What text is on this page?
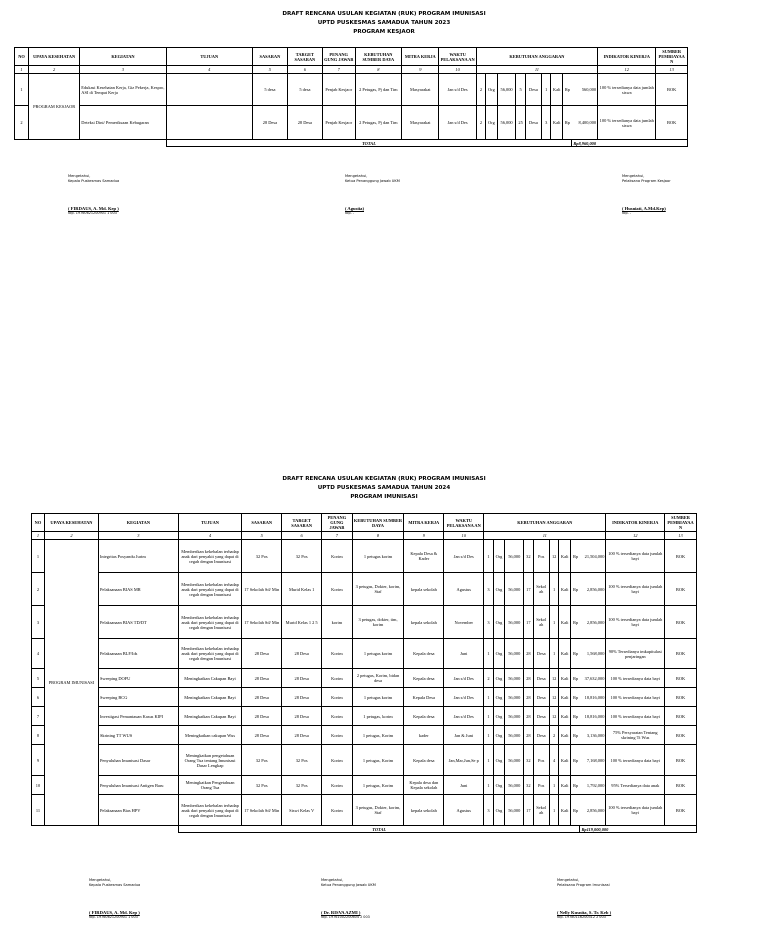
DRAFT RENCANA USULAN KEGIATAN (RUK) PROGRAM IMUNISASI
UPTD PUSKESMAS SAMADUA TAHUN 2023
PROGRAM KESJAOR
NO	UPAYA KESEHATAN	KEGIATAN	TUJUAN	SASARAN	TARGET SASARAN	PENANG GUNG JAWAB	KEBUTUHAN SUMBER DAYA	MITRA KERJA	WAKTU PELAKSANA AN	KEBUTUHAN ANGGARAN									INDIKATOR KINERJA	SUMBER PEMBIAYAA N
1	2	3	4	5	6	7	8	9	10	11									12	13
1	PROGRAM KESJAOR	Edukasi Kesehatan Kerja, Giz Pekerja, Kespro, ASI di Tempat Kerja		5 desa	5 desa	Penjab Kesjaor	2 Petugas, Pj dan Tim	Masyarakat	Jan s/d Des	2	Org	56,000	5	Desa	1	Kali	Rp	560,000	100 % tersedianya data jumlah siswa	BOK
2		Deteksi Dini/ Pemeriksaan Kebugaran		28 Desa	28 Desa	Penjab Kesjaor	2 Petugas, Pj dan Tim	Masyarakat	Jan s/d Des	2	Org	56,000	25	Desa	3	Kali	Rp	8,400,000	100 % tersedianya data jumlah siswa	BOK
			TOTAL															Rp8,960,000		
Mengetahui,
Kepala Puskesmas Samadua
( FIRDAUS, A. Md. Kep )
Nip. 19760621200901 1 003
Mengetahui,
Ketua Penanggung Jawab UKM
( Agustia)
Nip. -
Mengetahui,
Pelaksana Program Kesjaor
( Husniati, A.Md.Kep)
Nip. -
DRAFT RENCANA USULAN KEGIATAN (RUK) PROGRAM IMUNISASI
UPTD PUSKESMAS SAMADUA TAHUN 2024
PROGRAM IMUNISASI
NO	UPAYA KESEHATAN	KEGIATAN	TUJUAN	SASARAN	TARGET SASARAN	PENANG GUNG JAWAB	KEBUTUHAN SUMBER DAYA	MITRA KERJA	WAKTU PELAKSANA AN	KEBUTUHAN ANGGARAN									INDIKATOR KINERJA	SUMBER PEMBIAYAA N
1	2	3	4	5	6	7	8	9	10	11									12	13
1	PROGRAM IMUNISASI	Integritas Posyandu Jurim	Memberikan kekebalan terhadap anak dari penyakit yang dapat di cegah dengan Imunisasi	32 Pos	32 Pos	Korim	1 petugas korim	Kepala Desa & Kader	Jan s/d Des	1	Org	56,000	32	Pos	12	Kali	Rp	21,504,000	100 % tersedianya data jumlah bayi	BOK
2		Pelaksanaan BIAS MR	Memberikan kekebalan terhadap anak dari penyakit yang dapat di cegah dengan Imunisasi	17 Sekolah Sd/ Min	Murid Kelas 1	Korim	3 petugas, Dokter, korim, Staf	kepala sekolah	Agustus	3	Org	56,000	17	Sekol ah	1	Kali	Rp	2,856,000	100 % tersedianya data jumlah bayi	BOK
3		Pelaksanaan BIAS TD/DT	Memberikan kekebalan terhadap anak dari penyakit yang dapat di cegah dengan Imunisasi	17 Sekolah Sd/ Min	Murid Kelas 1 2 5	korim	3 petugas, dokter, tim, korim	kepala sekolah	November	3	Org	56,000	17	Sekol ah	1	Kali	Rp	2,856,000	100 % tersedianya data jumlah bayi	BOK
4		Pelaksanaan BLF/Ids	Memberikan kekebalan terhadap anak dari penyakit yang dapat di cegah dengan Imunisasi	28 Desa	28 Desa	Korim	1 petugas korim	Kepala desa	Juni	1	Org	56,000	28	Desa	1	Kali	Rp	1,568,000	90% Tersedianya imkapitulasi penjaringan	BOK
5		Sweeping DOFU	Meningkatkan Cakupan Bayi	28 Desa	28 Desa	Korim	2 petugas, Korim, bidan desa	Kepala desa	Jan s/d Des	2	Org	56,000	28	Desa	12	Kali	Rp	37,632,000	100 % tersedianya data bayi	BOK
6		Sweeping BCG	Meningkatkan Cakupan Bayi	28 Desa	28 Desa	Korim	1 petugas korim	Kepala Desa	Jan s/d Des	1	Org	56,000	28	Desa	12	Kali	Rp	18,816,000	100 % tersedianya data bayi	BOK
7		Investigasi Pemantauan Kasus KIPI	Meningkatkan Cakupan Bayi	28 Desa	28 Desa	Korim	1 petugas, korim	Kepala desa	Jan s/d Des	1	Org	56,000	28	Desa	12	Kali	Rp	18,816,000	100 % tersedianya data bayi	BOK
8		Skrining TT WUS	Meningkatkan cakupan Wus	28 Desa	28 Desa	Korim	1 petugas, Korim	kader	Jan & Juni	1	Org	56,000	28	Desa	2	Kali	Rp	3,136,000	75% Persyaratan Tentang skrining Tt Wus	BOK
9		Penyuluhan Imunisasi Dasar	Meningkatkan pengetahuan Orang Tua tentang Imunisasi Dasar Lengkap	32 Pos	32 Pos	Korim	1 petugas, Korim	Kepala desa	Jan,Mar,Jun,Se p	1	Org	56,000	32	Pos	4	Kali	Rp	7,168,000	100 % tersedianya data bayi	BOK
10		Penyuluhan Imunisasi Antigen Baru	Meningkatkan Pengetahuan Orang Tua	32 Pos	32 Pos	Korim	1 petugas, Korim	Kepala desa dan Kepala sekolah	Juni	1	Org	56,000	32	Pos	1	Kali	Rp	1,792,000	95% Tersedianya data anak	BOK
11		Pelaksanaan Bias HPV	Memberikan kekebalan terhadap anak dari penyakit yang dapat di cegah dengan Imunisasi	17 Sekolah Sd/ Min	Siswi Kelas V	Korim	3 petugas, Dokter, korim, Staf	kepala sekolah	Agustus	3	Org	56,000	17	Sekol ah	1	Kali	Rp	2,856,000	100 % tersedianya data jumlah bayi	BOK
			TOTAL															Rp119,000,000		
Mengetahui,
Kepala Puskesmas Samadua
( FIRDAUS, A. Md. Kep )
Nip. 19760621200901 1 003
Mengetahui,
Ketua Penanggung Jawab UKM
( Dr. RISVA AZMI )
Nip. 19761002200604 2 003
Mengetahui,
Pelaksana Program Imunisasi
( Nelly Kusnita, S. Tr. Keb )
Nip. 19780116200312 2 003
